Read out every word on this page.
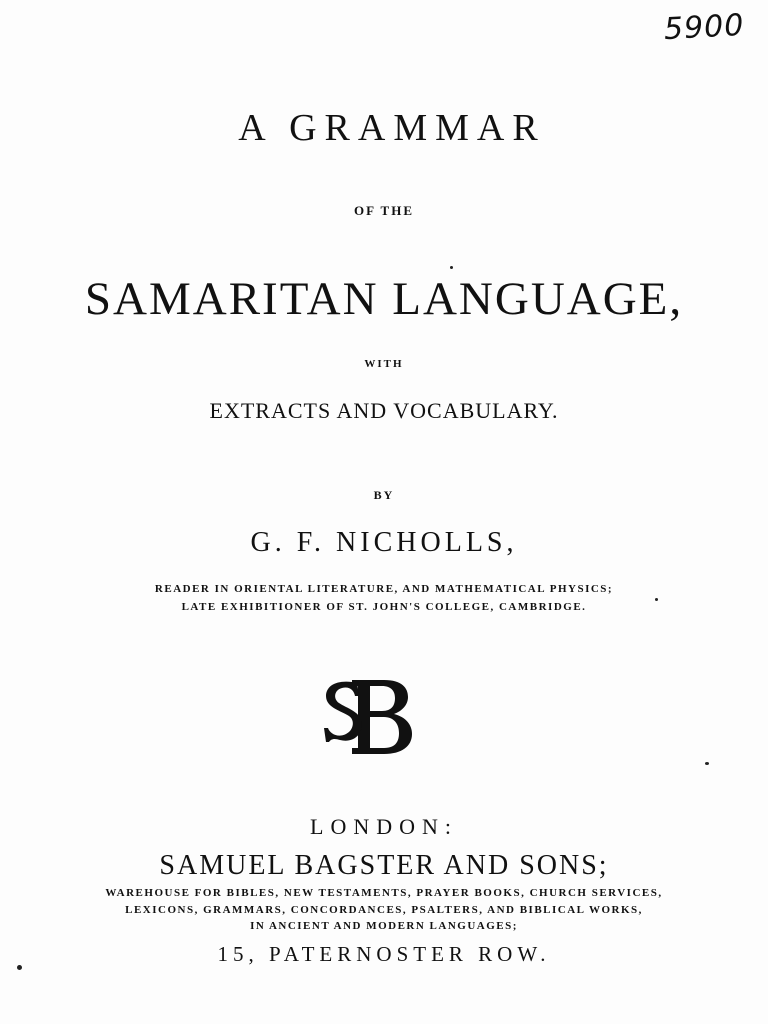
5900
A GRAMMAR
OF THE
SAMARITAN LANGUAGE,
WITH
EXTRACTS AND VOCABULARY.
BY
G. F. NICHOLLS,
READER IN ORIENTAL LITERATURE, AND MATHEMATICAL PHYSICS;
LATE EXHIBITIONER OF ST. JOHN'S COLLEGE, CAMBRIDGE.
F
FF
LONDON:
SAMUEL BAGSTER AND SONS;
WAREHOUSE FOR BIBLES, NEW TESTAMENTS, PRAYER BOOKS, CHURCH SERVICES,
LEXICONS, GRAMMARS, CONCORDANCES, PSALTERS, AND BIBLICAL WORKS,
IN ANCIENT AND MODERN LANGUAGES;
15, PATERNOSTER ROW.
